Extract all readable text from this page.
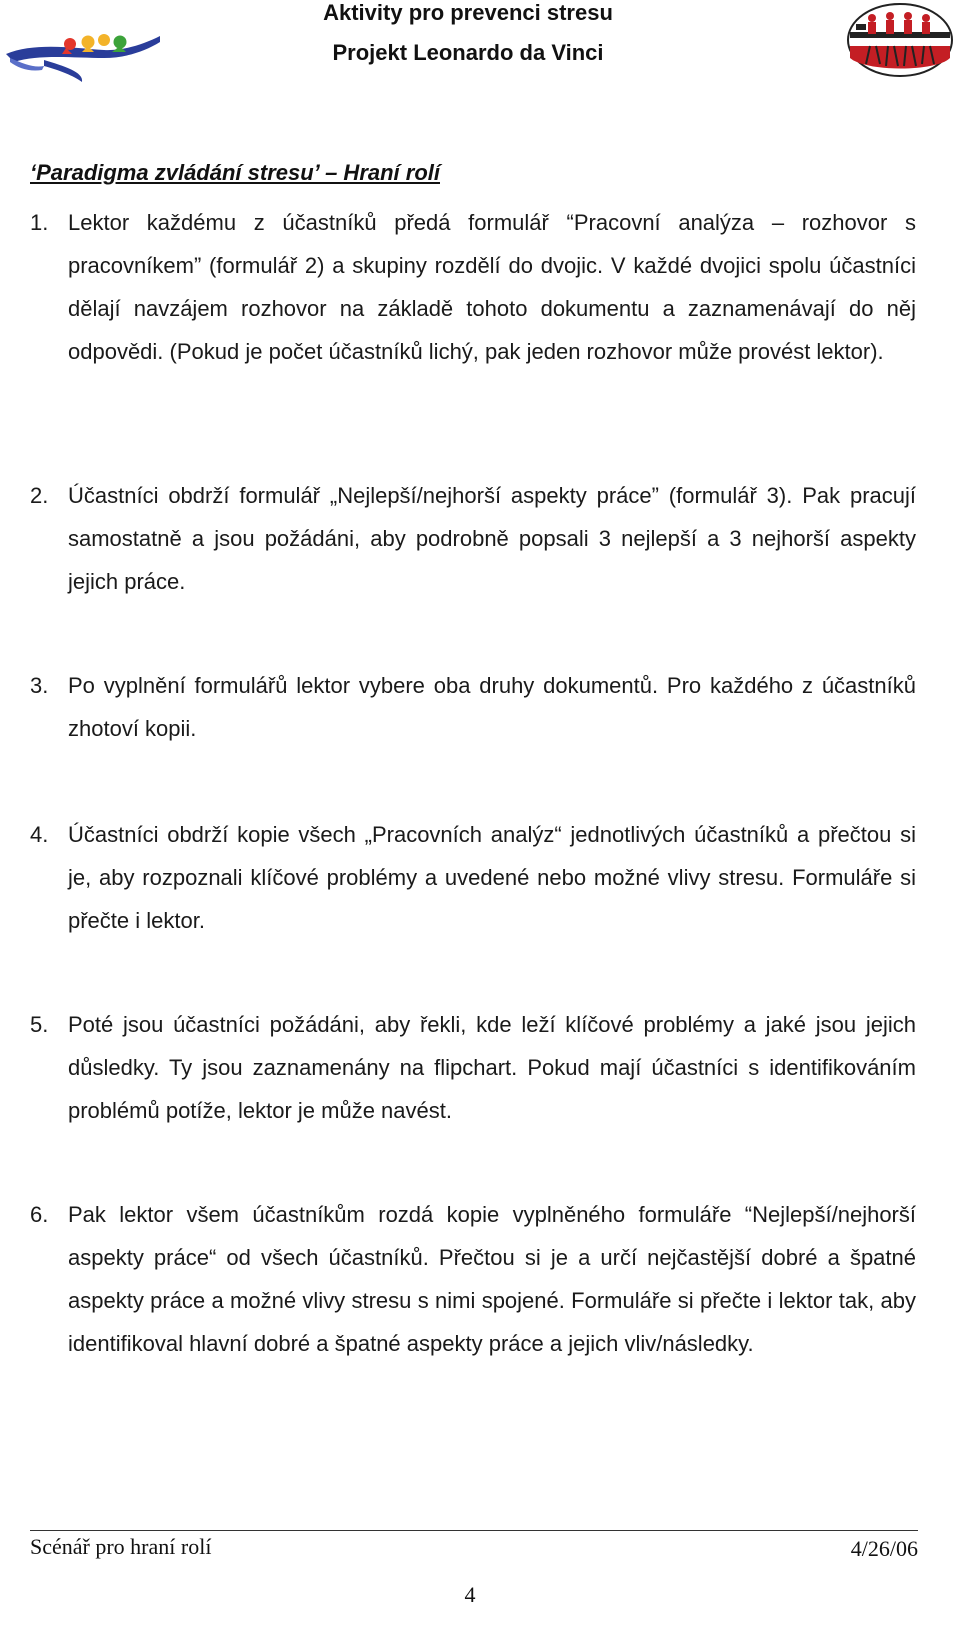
Aktivity pro prevenci stresu
Projekt Leonardo da Vinci
‘Paradigma zvládání stresu’ – Hraní rolí
1. Lektor každému z účastníků předá formulář “Pracovní analýza – rozhovor s pracovníkem” (formulář 2) a skupiny rozdělí do dvojic. V každé dvojici spolu účastníci dělají navzájem rozhovor na základě tohoto dokumentu a zaznamenávají do něj odpovědi. (Pokud je počet účastníků lichý, pak jeden rozhovor může provést lektor).
2. Účastníci obdrží formulář „Nejlepší/nejhorší aspekty práce” (formulář 3). Pak pracují samostatně a jsou požádáni, aby podrobně popsali 3 nejlepší a 3 nejhorší aspekty jejich práce.
3. Po vyplnění formulářů lektor vybere oba druhy dokumentů. Pro každého z účastníků zhotoví kopii.
4. Účastníci obdrží kopie všech „Pracovních analýz“ jednotlivých účastníků a přečtou si je, aby rozpoznali klíčové problémy a uvedené nebo možné vlivy stresu. Formuláře si přečte i lektor.
5. Poté jsou účastníci požádáni, aby řekli, kde leží klíčové problémy a jaké jsou jejich důsledky. Ty jsou zaznamenány na flipchart. Pokud mají účastníci s identifikováním problémů potíže, lektor je může navést.
6. Pak lektor všem účastníkům rozdá kopie vyplněného formuláře “Nejlepší/nejhorší aspekty práce“ od všech účastníků. Přečtou si je a určí nejčastější dobré a špatné aspekty práce a možné vlivy stresu s nimi spojené. Formuláře si přečte i lektor tak, aby identifikoval hlavní dobré a špatné aspekty práce a jejich vliv/následky.
Scénář pro hraní rolí	4/26/06
4
